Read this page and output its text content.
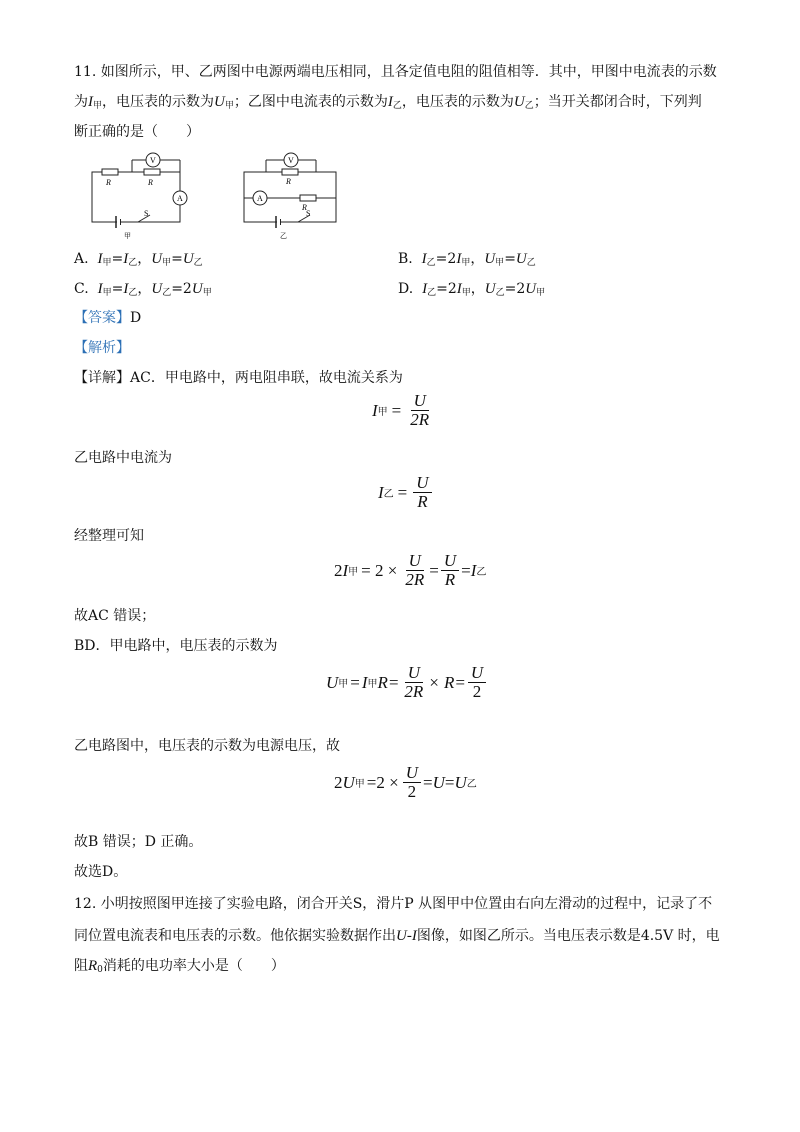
11. 如图所示，甲、乙两图中电源两端电压相同，且各定值电阻的阻值相等．其中，甲图中电流表的示数
为$I_甲$，电压表的示数为$U_甲$；乙图中电流表的示数为$I_乙$，电压表的示数为$U_乙$；当开关都闭合时，下列判
断正确的是（　　）
R	R
V
A
S
甲
R
R
V
A
S
乙
A. $I_甲=I_乙$，$U_甲=U_乙$	B. $I_乙=2I_甲$，$U_甲=U_乙$
C. $I_甲=I_乙$，$U_乙=2U_甲$	D. $I_乙=2I_甲$，$U_乙=2U_甲$
【答案】D
【解析】
【详解】AC．甲电路中，两电阻串联，故电流关系为
I 甲 = $\frac{U}{2R}$
乙电路中电流为
I 乙 = $\frac{U}{R}$
经整理可知
2 I 甲 = $2 \times \frac{U}{2R} = \frac{U}{R} = I$ 乙
故AC 错误；
BD．甲电路中，电压表的示数为
U 甲 = I 甲 $R= \frac{U}{2R} \times R= \frac{U}{2}$
乙电路图中，电压表的示数为电源电压，故
2 U 甲 $=2 \times \frac{U}{2} = U = U$ 乙
故B 错误；D 正确。
故选D。
12. 小明按照图甲连接了实验电路，闭合开关S，滑片P 从图甲中位置由右向左滑动的过程中，记录了不
同位置电流表和电压表的示数。他依据实验数据作出U-I图像，如图乙所示。当电压表示数是4.5V 时，电
阻$R_0$消耗的电功率大小是（　　）
